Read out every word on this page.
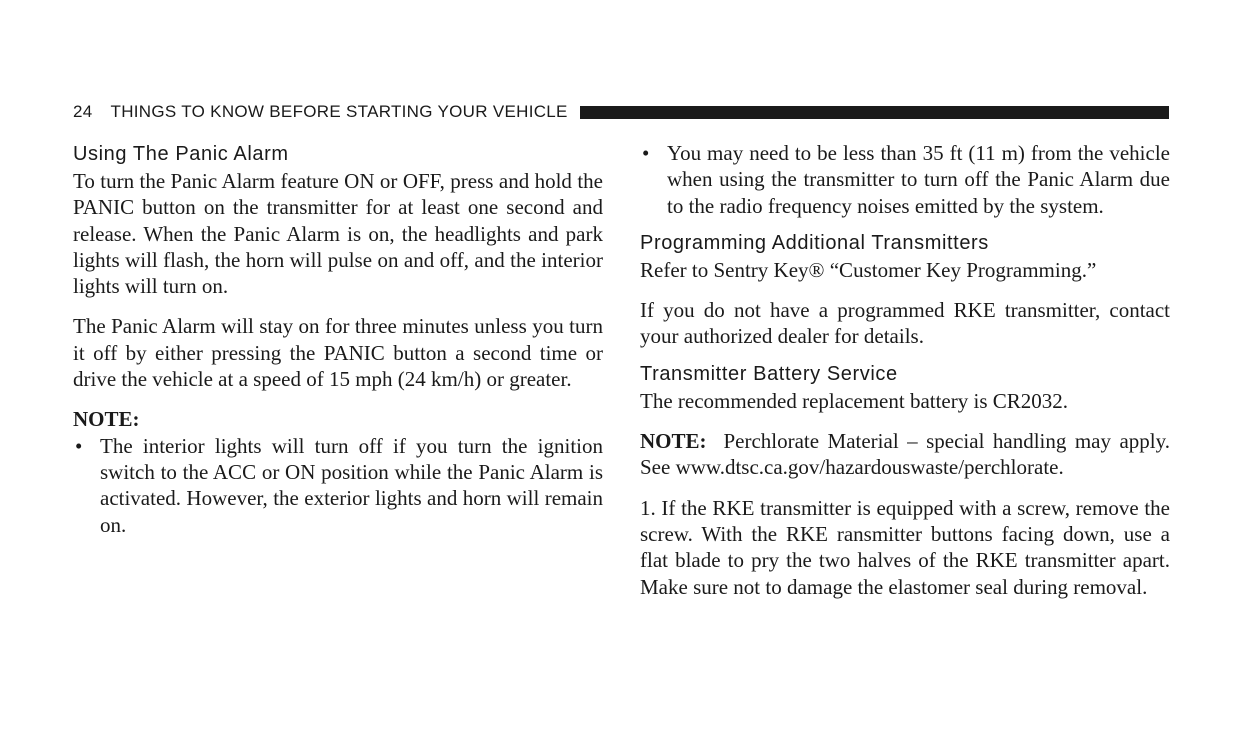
24 THINGS TO KNOW BEFORE STARTING YOUR VEHICLE
Using The Panic Alarm

To turn the Panic Alarm feature ON or OFF, press and hold the PANIC button on the transmitter for at least one second and release. When the Panic Alarm is on, the headlights and park lights will flash, the horn will pulse on and off, and the interior lights will turn on.

The Panic Alarm will stay on for three minutes unless you turn it off by either pressing the PANIC button a second time or drive the vehicle at a speed of 15 mph (24 km/h) or greater.

NOTE:

• The interior lights will turn off if you turn the ignition switch to the ACC or ON position while the Panic Alarm is activated. However, the exterior lights and horn will remain on.
• You may need to be less than 35 ft (11 m) from the vehicle when using the transmitter to turn off the Panic Alarm due to the radio frequency noises emitted by the system.
Programming Additional Transmitters

Refer to Sentry Key® “Customer Key Programming.”

If you do not have a programmed RKE transmitter, contact your authorized dealer for details.

Transmitter Battery Service

The recommended replacement battery is CR2032.

NOTE: Perchlorate Material – special handling may apply. See www.dtsc.ca.gov/hazardouswaste/perchlorate.

1. If the RKE transmitter is equipped with a screw, remove the screw. With the RKE ransmitter buttons facing down, use a flat blade to pry the two halves of the RKE transmitter apart. Make sure not to damage the elastomer seal during removal.
